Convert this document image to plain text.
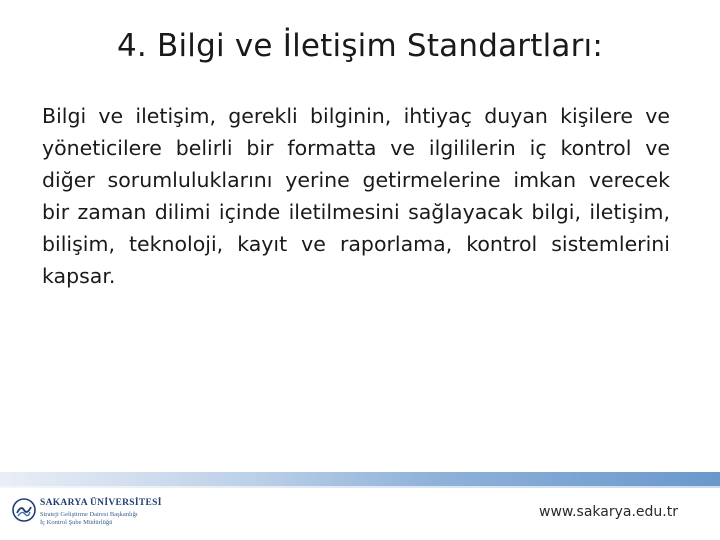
4. Bilgi ve İletişim Standartları:
Bilgi ve iletişim, gerekli bilginin, ihtiyaç duyan kişilere ve yöneticilere belirli bir formatta ve ilgililerin iç kontrol ve diğer sorumluluklarını yerine getirmelerine imkan verecek bir zaman dilimi içinde iletilmesini sağlayacak bilgi, iletişim, bilişim, teknoloji, kayıt ve raporlama, kontrol sistemlerini kapsar.
SAKARYA ÜNİVERSİTESİ
Strateji Geliştirme Dairesi Başkanlığı
İç Kontrol Şube Müdürlüğü
www.sakarya.edu.tr
